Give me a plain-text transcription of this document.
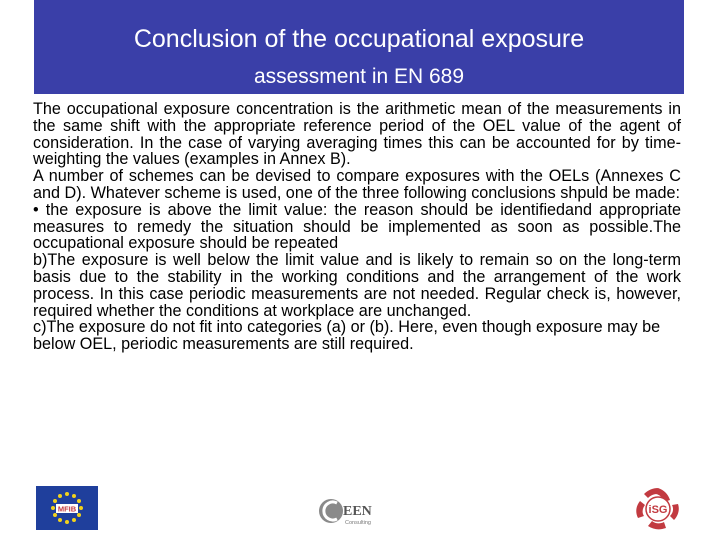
Conclusion of the occupational exposure
assessment in EN 689

The occupational exposure concentration is the arithmetic mean of the measurements in the same shift with the appropriate reference period of the OEL value of the agent of consideration. In the case of varying averaging times this can be accounted for by time-weighting the values (examples in Annex B).

A number of schemes can be devised to compare exposures with the OELs (Annexes C and D). Whatever scheme is used, one of the three following conclusions shpuld be made:

• the exposure is above the limit value: the reason should be identifiedand appropriate measures to remedy the situation should be implemented as soon as possible.The occupational exposure should be repeated

b)The exposure is well below the limit value and is likely to remain so on the long-term basis due to the stability in the working conditions and the arrangement of the work process. In this case periodic measurements are not needed. Regular check is, however, required whether the conditions at workplace are unchanged.

c)The exposure do not fit into categories (a) or (b). Here, even though exposure may be below OEL, periodic measurements are still required.

MFIB	EEN
Consulting
iSG
